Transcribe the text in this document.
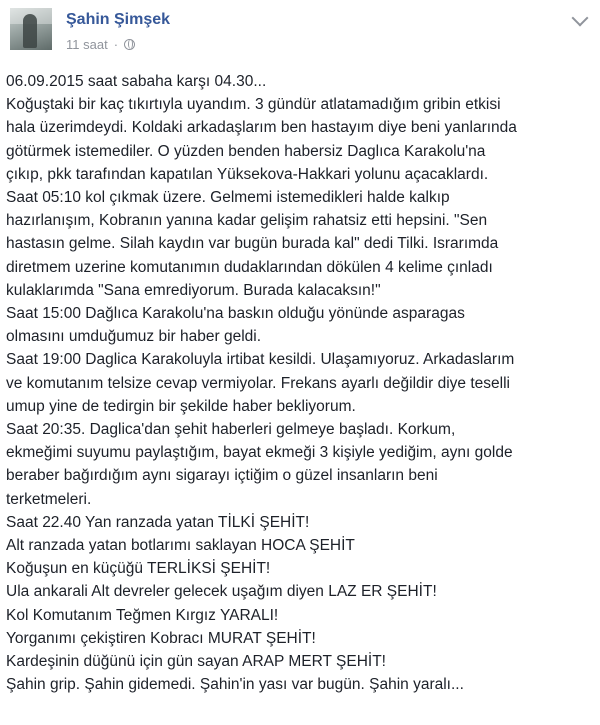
Şahin Şimşek
11 saat ·

06.09.2015 saat sabaha karşı 04.30...

Koğuştaki bir kaç tıkırtıyla uyandım. 3 gündür atlatamadığım gribin etkisi

hala üzerimdeydi. Koldaki arkadaşlarım ben hastayım diye beni yanlarında

götürmek istemediler. O yüzden benden habersiz Daglıca Karakolu'na

çıkıp, pkk tarafından kapatılan Yüksekova-Hakkari yolunu açacaklardı.

Saat 05:10 kol çıkmak üzere. Gelmemi istemedikleri halde kalkıp

hazırlanışım, Kobranın yanına kadar gelişim rahatsiz etti hepsini. "Sen

hastasın gelme. Silah kaydın var bugün burada kal" dedi Tilki. Israrımda

diretmem uzerine komutanımın dudaklarından dökülen 4 kelime çınladı

kulaklarımda "Sana emrediyorum. Burada kalacaksın!"

Saat 15:00 Dağlıca Karakolu'na baskın olduğu yönünde asparagas

olmasını umduğumuz bir haber geldi.

Saat 19:00 Daglica Karakoluyla irtibat kesildi. Ulaşamıyoruz. Arkadaslarım

ve komutanım telsize cevap vermiyolar. Frekans ayarlı değildir diye teselli

umup yine de tedirgin bir şekilde haber bekliyorum.

Saat 20:35. Daglica'dan şehit haberleri gelmeye başladı. Korkum,

ekmeğimi suyumu paylaştığım, bayat ekmeği 3 kişiyle yediğim, aynı golde

beraber bağırdığım aynı sigarayı içtiğim o güzel insanların beni

terketmeleri.

Saat 22.40 Yan ranzada yatan TİLKİ ŞEHİT!

Alt ranzada yatan botlarımı saklayan HOCA ŞEHİT

Koğuşun en küçüğü TERLİKSİ ŞEHİT!

Ula ankarali Alt devreler gelecek uşağım diyen LAZ ER ŞEHİT!

Kol Komutanım Teğmen Kırgız YARALI!

Yorganımı çekiştiren Kobracı MURAT ŞEHİT!

Kardeşinin düğünü için gün sayan ARAP MERT ŞEHİT!

Şahin grip. Şahin gidemedi. Şahin'in yası var bugün. Şahin yaralı...
